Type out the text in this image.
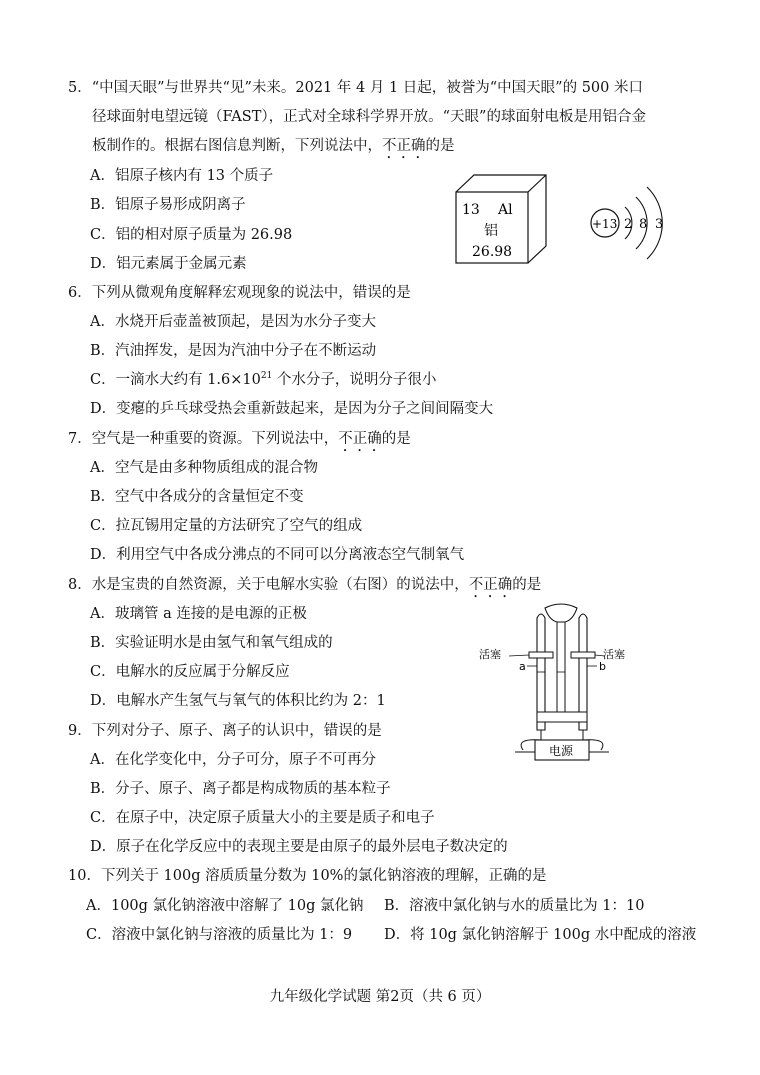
5．“中国天眼”与世界共“见”未来。2021 年 4 月 1 日起，被誉为“中国天眼”的 500 米口
径球面射电望远镜（FAST），正式对全球科学界开放。“天眼”的球面射电板是用铝合金
板制作的。根据右图信息判断，下列说法中，不正确的是
A．铝原子核内有 13 个质子
B．铝原子易形成阴离子
C．铝的相对原子质量为 26.98
D．铝元素属于金属元素
13 Al
铝
26.98
+13 2 8 3
6．下列从微观角度解释宏观现象的说法中，错误的是
A．水烧开后壶盖被顶起，是因为水分子变大
B．汽油挥发，是因为汽油中分子在不断运动
C．一滴水大约有 $1.6\times 10^{21}$ 个水分子，说明分子很小
D．变瘪的乒乓球受热会重新鼓起来，是因为分子之间间隔变大
7．空气是一种重要的资源。下列说法中，不正确的是
A．空气是由多种物质组成的混合物
B．空气中各成分的含量恒定不变
C．拉瓦锡用定量的方法研究了空气的组成
D．利用空气中各成分沸点的不同可以分离液态空气制氧气
8．水是宝贵的自然资源，关于电解水实验（右图）的说法中，不正确的是
A．玻璃管 a 连接的是电源的正极
B．实验证明水是由氢气和氧气组成的
C．电解水的反应属于分解反应
D．电解水产生氢气与氧气的体积比约为 2：1
活塞	活塞
a	b
电源
9．下列对分子、原子、离子的认识中，错误的是
A．在化学变化中，分子可分，原子不可再分
B．分子、原子、离子都是构成物质的基本粒子
C．在原子中，决定原子质量大小的主要是质子和电子
D．原子在化学反应中的表现主要是由原子的最外层电子数决定的
10．下列关于 100g 溶质质量分数为 10%的氯化钠溶液的理解，正确的是
A．100g 氯化钠溶液中溶解了 10g 氯化钠 B．溶液中氯化钠与水的质量比为 1：10
C．溶液中氯化钠与溶液的质量比为 1：9 D．将 10g 氯化钠溶解于 100g 水中配成的溶液
九年级化学试题 第2页（共 6 页）
